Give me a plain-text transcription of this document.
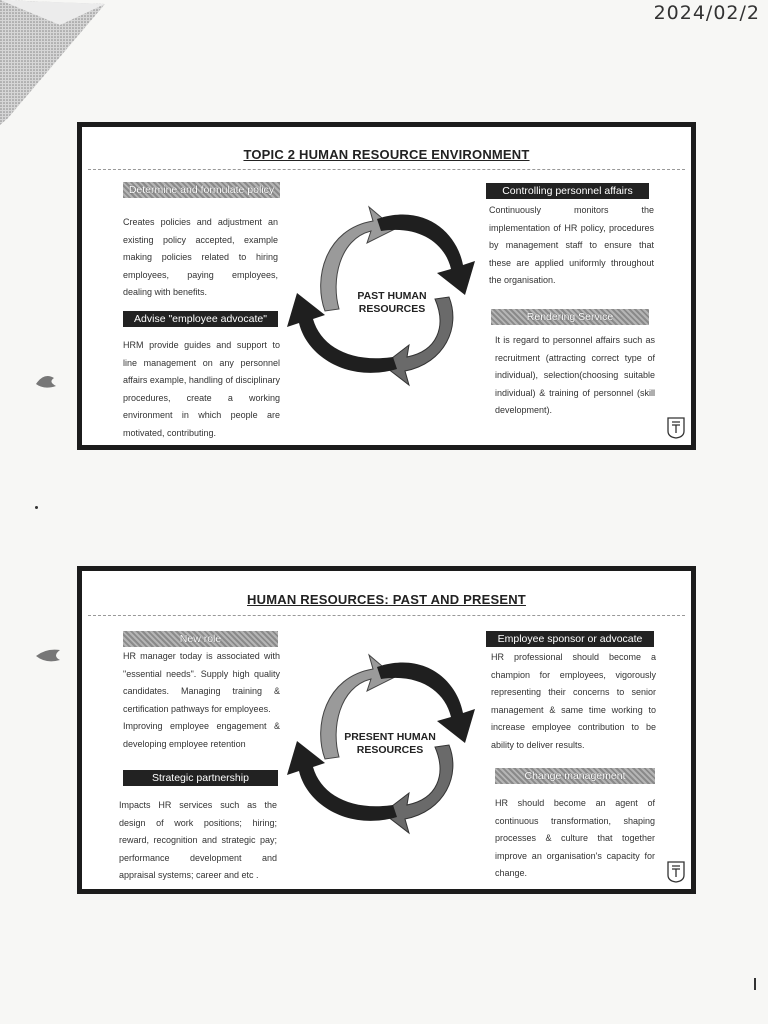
2024/02/2
TOPIC 2 HUMAN RESOURCE ENVIRONMENT
Determine and formulate policy
Creates policies and adjustment an existing policy accepted, example making policies related to hiring employees, paying employees, dealing with benefits.
Advise "employee advocate"
HRM provide guides and support to line management on any personnel affairs example, handling of disciplinary procedures, create a working environment in which people are motivated, contributing.
Controlling personnel affairs
Continuously monitors the implementation of HR policy, procedures by management staff to ensure that these are applied uniformly throughout the organisation.
Rendering Service
It is regard to personnel affairs such as recruitment (attracting correct type of individual), selection(choosing suitable individual) & training of personnel (skill development).
PAST HUMAN RESOURCES
HUMAN RESOURCES: PAST AND PRESENT
New role

HR manager today is associated with "essential needs". Supply high quality candidates. Managing training & certification pathways for employees.

Improving employee engagement & developing employee retention

Strategic partnership
Impacts HR services such as the design of work positions; hiring; reward, recognition and strategic pay; performance development and appraisal systems; career and etc .
Employee sponsor or advocate
HR professional should become a champion for employees, vigorously representing their concerns to senior management & same time working to increase employee contribution to be ability to deliver results.
Change management
HR should become an agent of continuous transformation, shaping processes & culture that together improve an organisation's capacity for change.
PRESENT HUMAN RESOURCES
